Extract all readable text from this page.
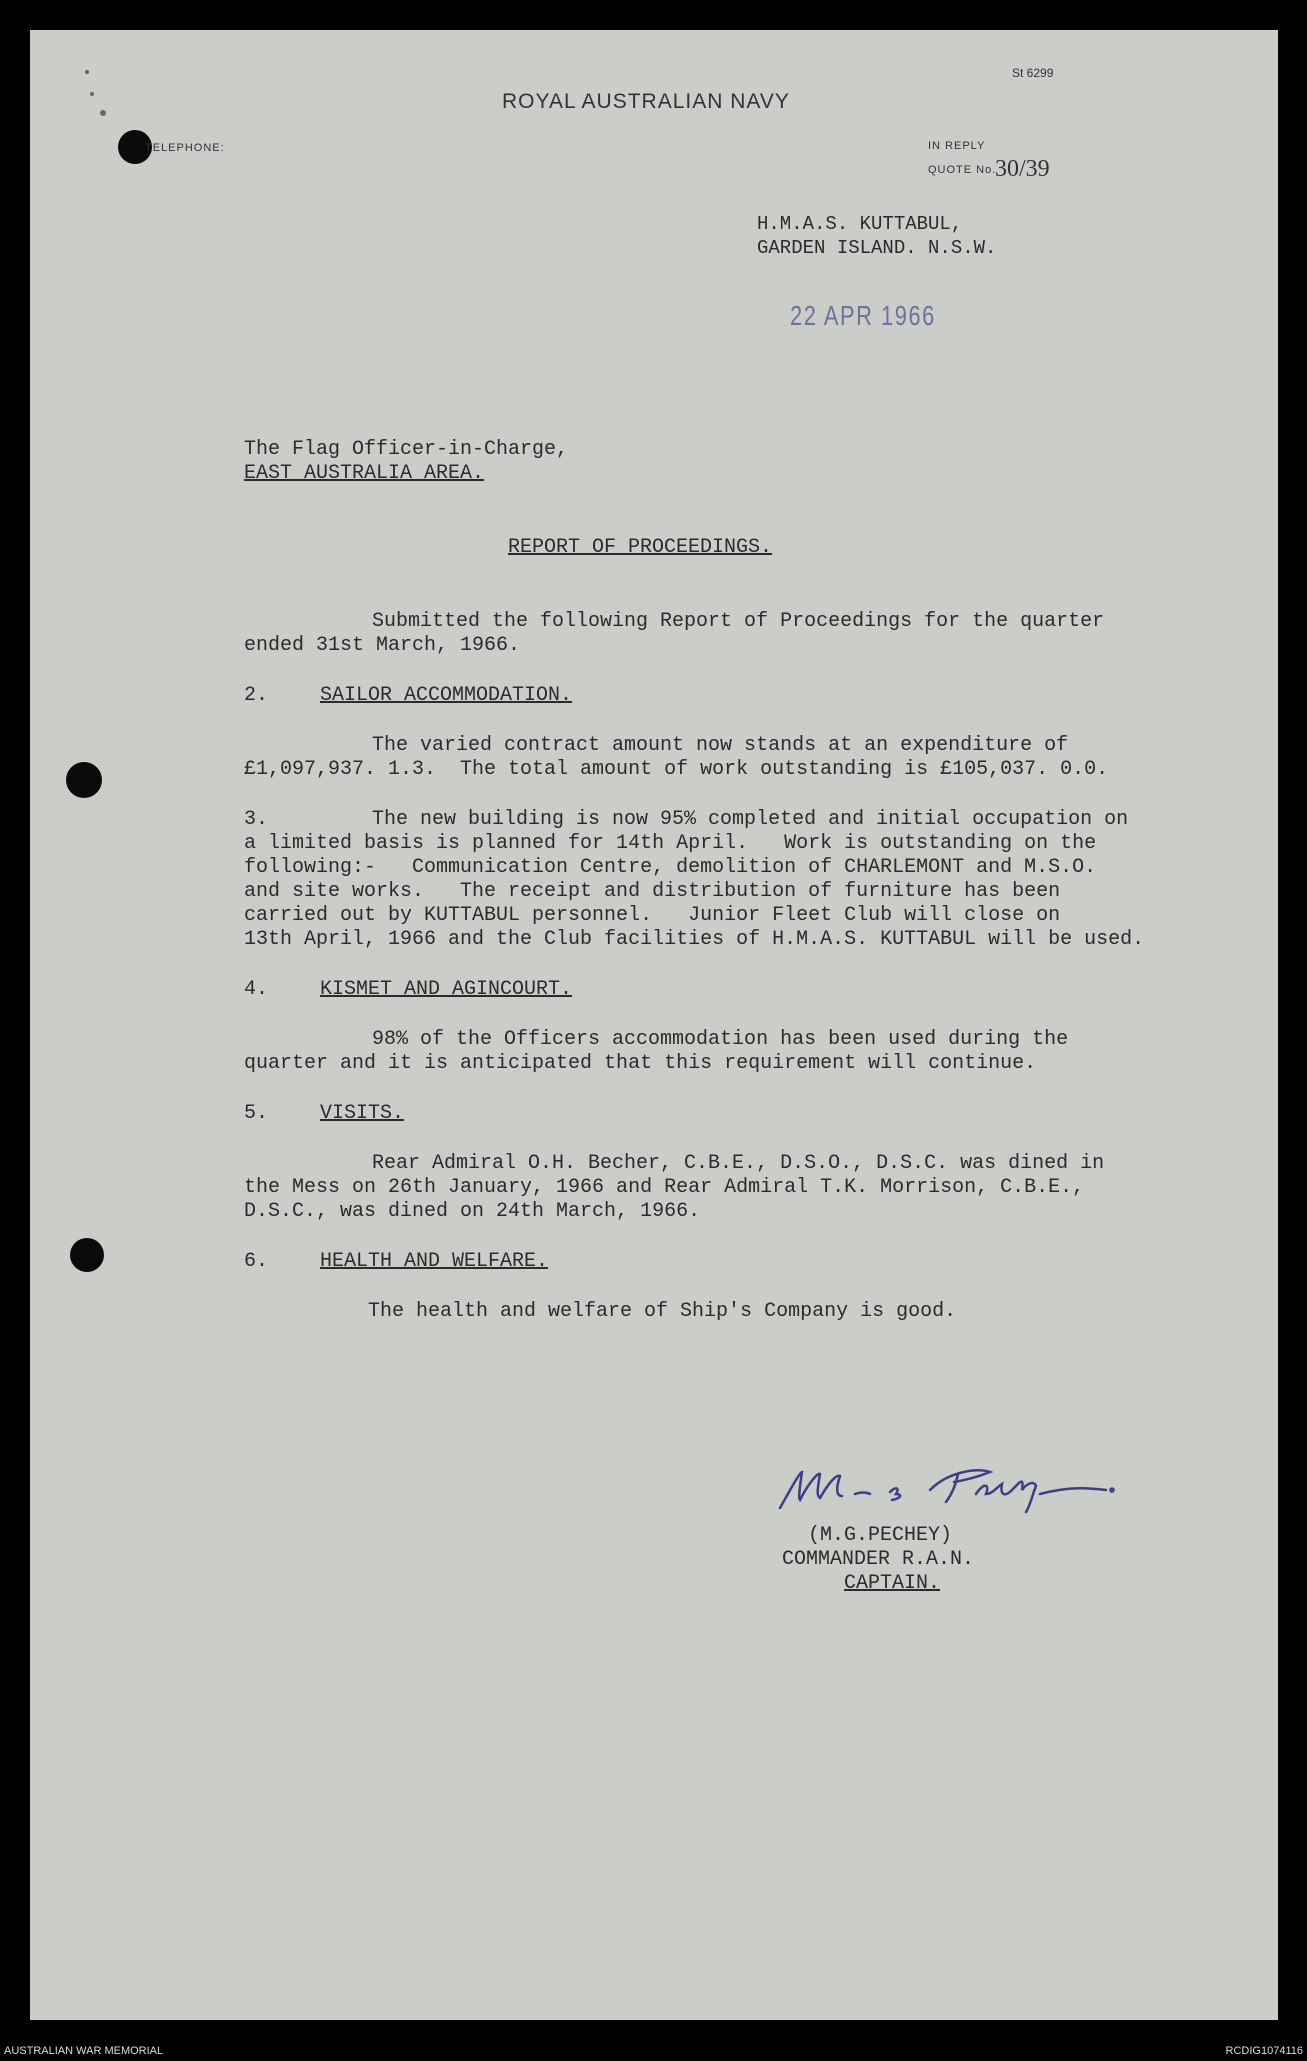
St 6299
ROYAL AUSTRALIAN NAVY
TELEPHONE:	IN REPLY
QUOTE No.
30/39
H.M.A.S. KUTTABUL,
GARDEN ISLAND. N.S.W.
22 APR 1966
The Flag Officer-in-Charge,
EAST AUSTRALIA AREA.
REPORT OF PROCEEDINGS.
Submitted the following Report of Proceedings for the quarter
ended 31st March, 1966.
2.	SAILOR ACCOMMODATION.
The varied contract amount now stands at an expenditure of
£1,097,937. 1.3.  The total amount of work outstanding is £105,037. 0.0.
3.	The new building is now 95% completed and initial occupation on
a limited basis is planned for 14th April.   Work is outstanding on the
following:-   Communication Centre, demolition of CHARLEMONT and M.S.O.
and site works.   The receipt and distribution of furniture has been
carried out by KUTTABUL personnel.   Junior Fleet Club will close on
13th April, 1966 and the Club facilities of H.M.A.S. KUTTABUL will be used.
4.	KISMET AND AGINCOURT.
98% of the Officers accommodation has been used during the
quarter and it is anticipated that this requirement will continue.
5.	VISITS.
Rear Admiral O.H. Becher, C.B.E., D.S.O., D.S.C. was dined in
the Mess on 26th January, 1966 and Rear Admiral T.K. Morrison, C.B.E.,
D.S.C., was dined on 24th March, 1966.
6.	HEALTH AND WELFARE.
The health and welfare of Ship's Company is good.
(M.G.PECHEY)
COMMANDER R.A.N.
CAPTAIN.
AUSTRALIAN WAR MEMORIAL	RCDIG1074116
